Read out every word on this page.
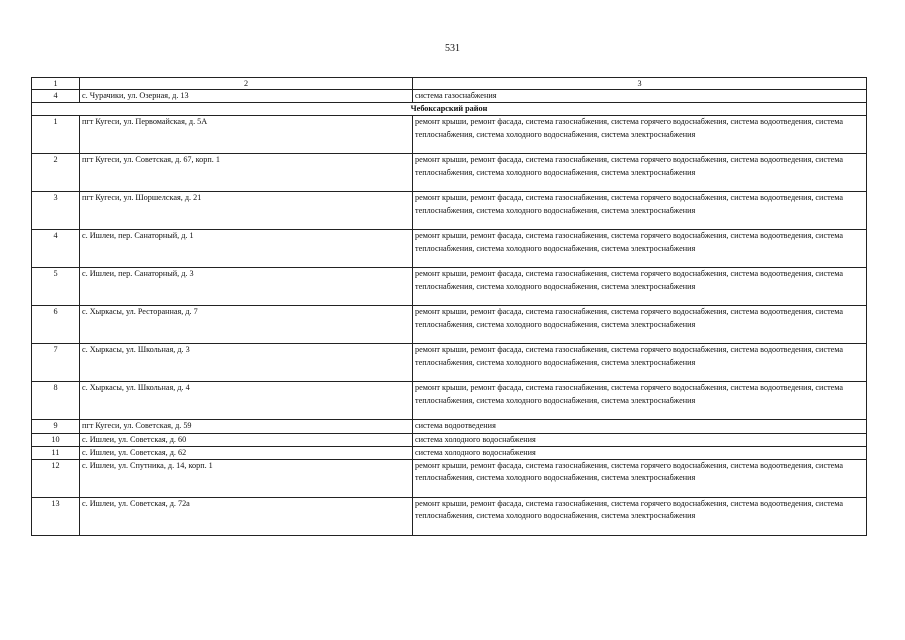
531
1	2	3
4	с. Чурачики, ул. Озерная, д. 13	система газоснабжения
Чебоксарский район		
1	пгт Кугеси, ул. Первомайская, д. 5А	ремонт крыши, ремонт фасада, система газоснабжения, система горячего водоснабжения, система водоотведения, система теплоснабжения, система холодного водоснабжения, система электроснабжения
2	пгт Кугеси, ул. Советская, д. 67, корп. 1	ремонт крыши, ремонт фасада, система газоснабжения, система горячего водоснабжения, система водоотведения, система теплоснабжения, система холодного водоснабжения, система электроснабжения
3	пгт Кугеси, ул. Шоршелская, д. 21	ремонт крыши, ремонт фасада, система газоснабжения, система горячего водоснабжения, система водоотведения, система теплоснабжения, система холодного водоснабжения, система электроснабжения
4	с. Ишлеи, пер. Санаторный, д. 1	ремонт крыши, ремонт фасада, система газоснабжения, система горячего водоснабжения, система водоотведения, система теплоснабжения, система холодного водоснабжения, система электроснабжения
5	с. Ишлеи, пер. Санаторный, д. 3	ремонт крыши, ремонт фасада, система газоснабжения, система горячего водоснабжения, система водоотведения, система теплоснабжения, система холодного водоснабжения, система электроснабжения
6	с. Хыркасы, ул. Ресторанная, д. 7	ремонт крыши, ремонт фасада, система газоснабжения, система горячего водоснабжения, система водоотведения, система теплоснабжения, система холодного водоснабжения, система электроснабжения
7	с. Хыркасы, ул. Школьная, д. 3	ремонт крыши, ремонт фасада, система газоснабжения, система горячего водоснабжения, система водоотведения, система теплоснабжения, система холодного водоснабжения, система электроснабжения
8	с. Хыркасы, ул. Школьная, д. 4	ремонт крыши, ремонт фасада, система газоснабжения, система горячего водоснабжения, система водоотведения, система теплоснабжения, система холодного водоснабжения, система электроснабжения
9	пгт Кугеси, ул. Советская, д. 59	система водоотведения
10	с. Ишлеи, ул. Советская, д. 60	система холодного водоснабжения
11	с. Ишлеи, ул. Советская, д. 62	система холодного водоснабжения
12	с. Ишлеи, ул. Спутника, д. 14, корп. 1	ремонт крыши, ремонт фасада, система газоснабжения, система горячего водоснабжения, система водоотведения, система теплоснабжения, система холодного водоснабжения, система электроснабжения
13	с. Ишлеи, ул. Советская, д. 72а	ремонт крыши, ремонт фасада, система газоснабжения, система горячего водоснабжения, система водоотведения, система теплоснабжения, система холодного водоснабжения, система электроснабжения
